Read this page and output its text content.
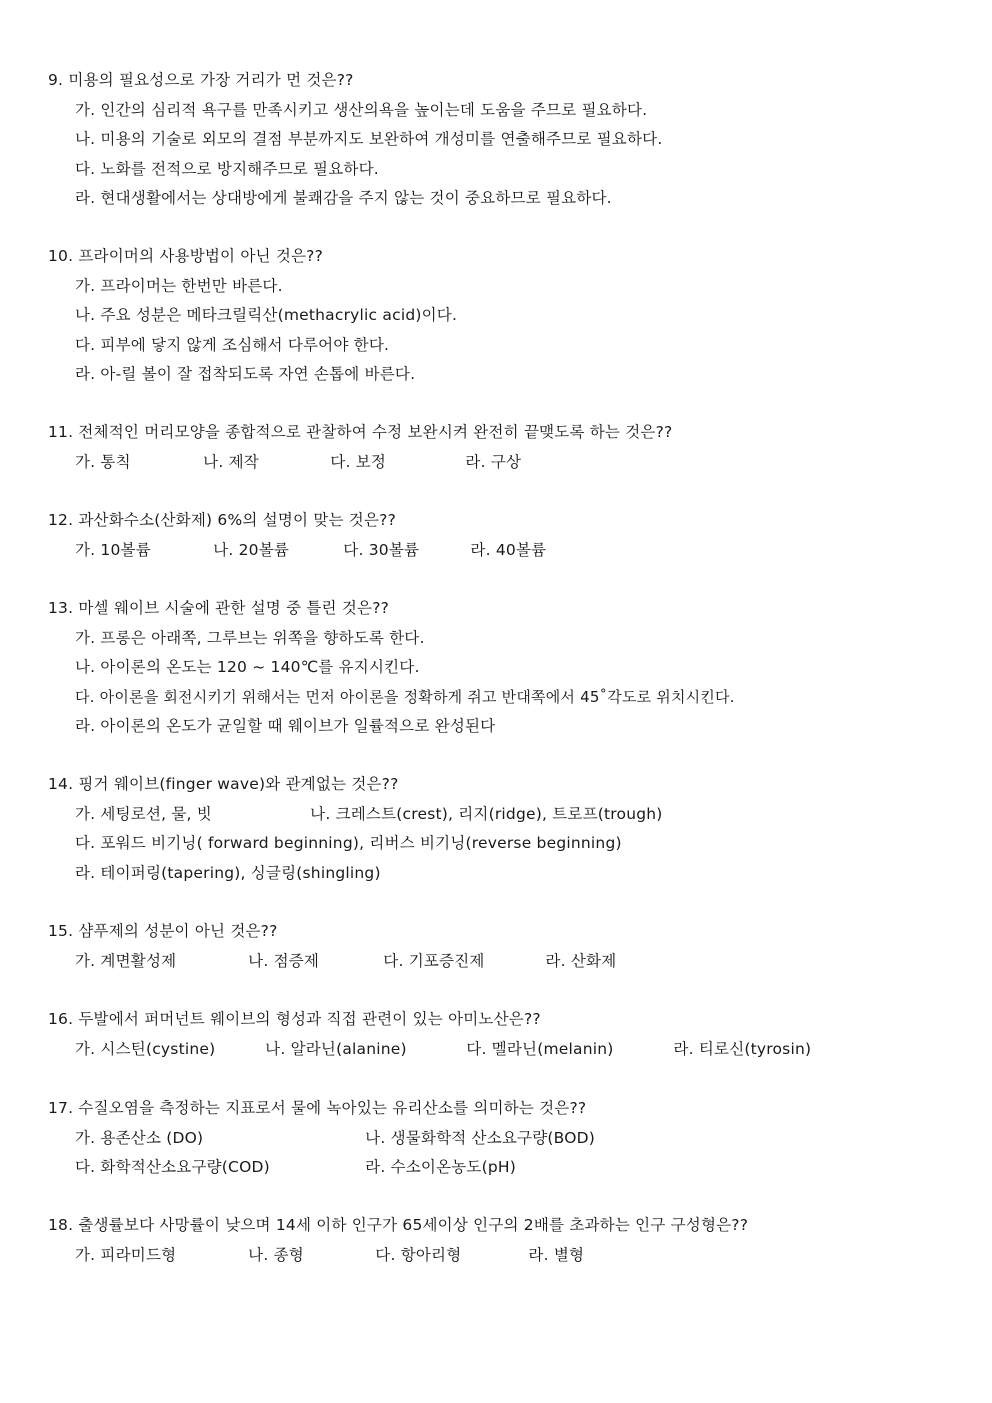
9. 미용의 필요성으로 가장 거리가 먼 것은??
가. 인간의 심리적 욕구를 만족시키고 생산의욕을 높이는데 도움을 주므로 필요하다.
나. 미용의 기술로 외모의 결점 부분까지도 보완하여 개성미를 연출해주므로 필요하다.
다. 노화를 전적으로 방지해주므로 필요하다.
라. 현대생활에서는 상대방에게 불쾌감을 주지 않는 것이 중요하므로 필요하다.
10. 프라이머의 사용방법이 아닌 것은??
가. 프라이머는 한번만 바른다.
나. 주요 성분은 메타크릴릭산(methacrylic acid)이다.
다. 피부에 닿지 않게 조심해서 다루어야 한다.
라. 아-릴 볼이 잘 접착되도록 자연 손톱에 바른다.
11. 전체적인 머리모양을 종합적으로 관찰하여 수정 보완시켜 완전히 끝맺도록 하는 것은??
가. 통칙	나. 제작	다. 보정	라. 구상
12. 과산화수소(산화제) 6%의 설명이 맞는 것은??
가. 10볼륨	나. 20볼륨	다. 30볼륨	라. 40볼륨
13. 마셀 웨이브 시술에 관한 설명 중 틀린 것은??
가. 프롱은 아래쪽, 그루브는 위쪽을 향하도록 한다.
나. 아이론의 온도는 120 ~ 140℃를 유지시킨다.
다. 아이론을 회전시키기 위해서는 먼저 아이론을 정확하게 쥐고 반대쪽에서 45˚각도로 위치시킨다.
라. 아이론의 온도가 균일할 때 웨이브가 일률적으로 완성된다
14. 핑거 웨이브(finger wave)와 관계없는 것은??
가. 세팅로션, 물, 빗	나. 크레스트(crest), 리지(ridge), 트로프(trough)
다. 포워드 비기닝( forward beginning), 리버스 비기닝(reverse beginning)
라. 테이퍼링(tapering), 싱글링(shingling)
15. 샴푸제의 성분이 아닌 것은??
가. 계면활성제	나. 점증제	다. 기포증진제	라. 산화제
16. 두발에서 퍼머넌트 웨이브의 형성과 직접 관련이 있는 아미노산은??
가. 시스틴(cystine)	나. 알라닌(alanine)	다. 멜라닌(melanin)	라. 티로신(tyrosin)
17. 수질오염을 측정하는 지표로서 물에 녹아있는 유리산소를 의미하는 것은??
가. 용존산소 (DO)	나. 생물화학적 산소요구량(BOD)
다. 화학적산소요구량(COD)	라. 수소이온농도(pH)
18. 출생률보다 사망률이 낮으며 14세 이하 인구가 65세이상 인구의 2배를 초과하는 인구 구성형은??
가. 피라미드형	나. 종형	다. 항아리형	라. 별형
